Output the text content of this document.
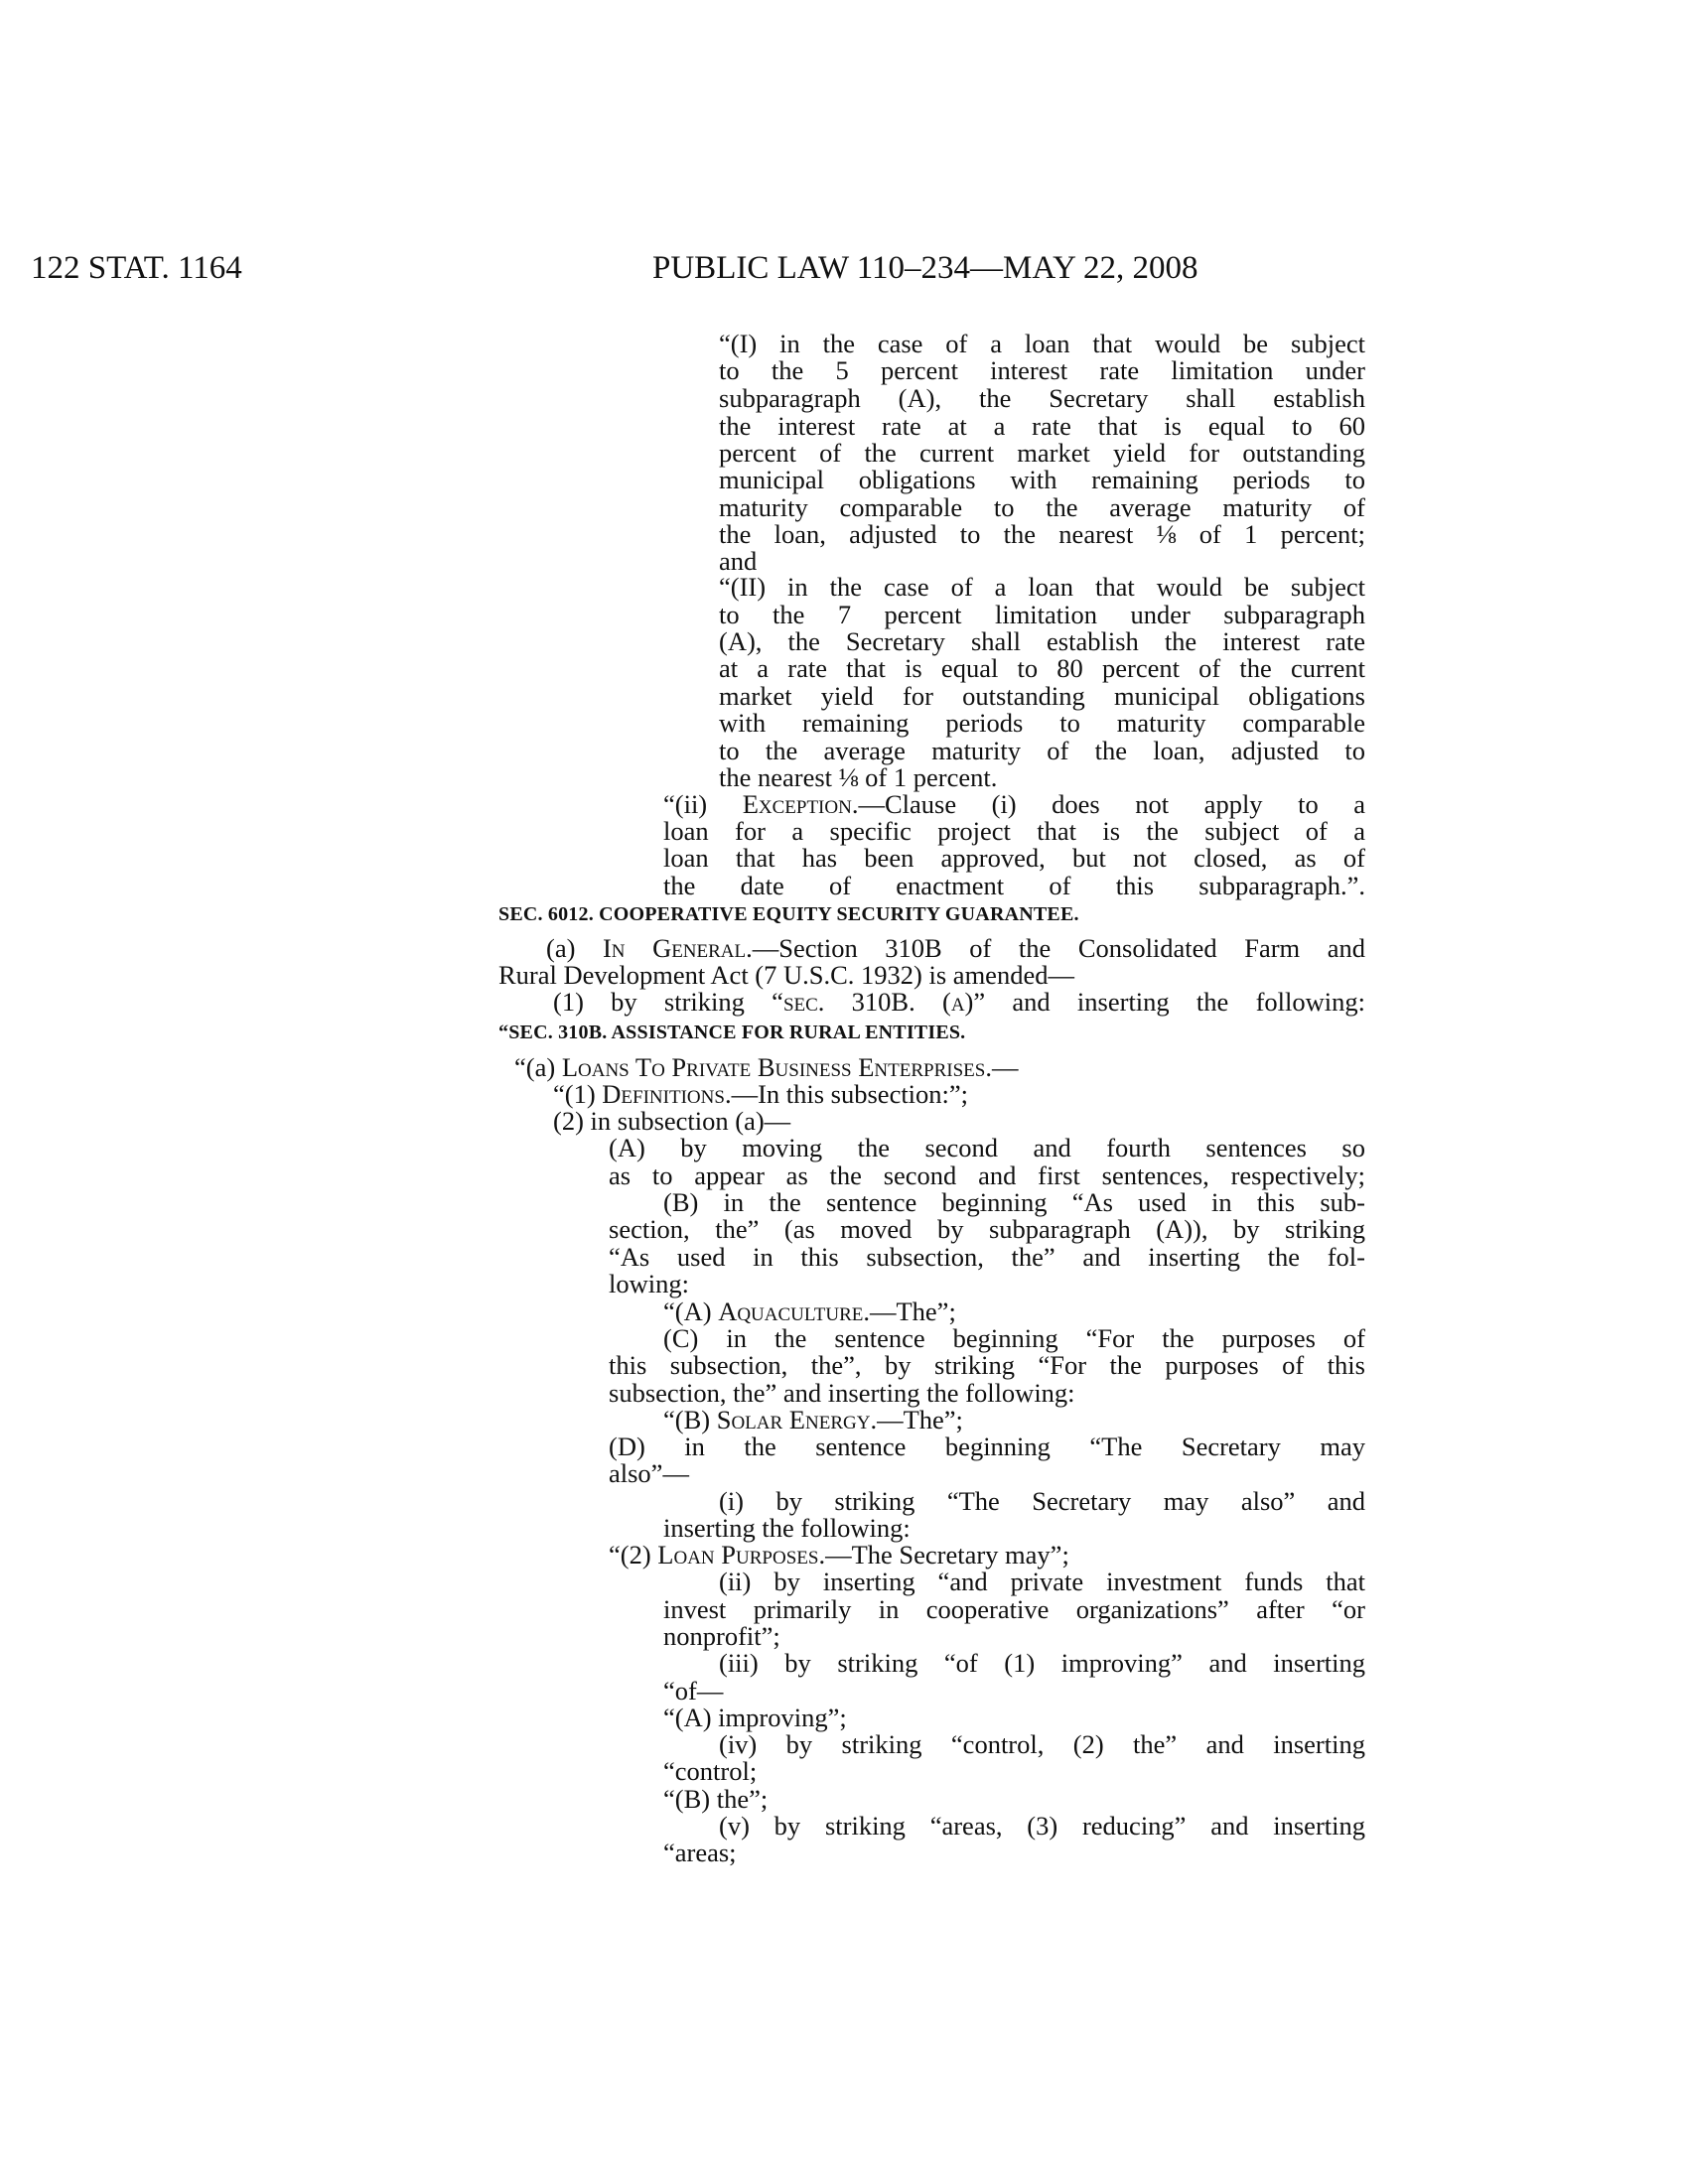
122 STAT. 1164	PUBLIC LAW 110–234—MAY 22, 2008
“(I) in the case of a loan that would be subject
to the 5 percent interest rate limitation under
subparagraph (A), the Secretary shall establish
the interest rate at a rate that is equal to 60
percent of the current market yield for outstanding
municipal obligations with remaining periods to
maturity comparable to the average maturity of
the loan, adjusted to the nearest ⅛ of 1 percent;
and
“(II) in the case of a loan that would be subject
to the 7 percent limitation under subparagraph
(A), the Secretary shall establish the interest rate
at a rate that is equal to 80 percent of the current
market yield for outstanding municipal obligations
with remaining periods to maturity comparable
to the average maturity of the loan, adjusted to
the nearest ⅛ of 1 percent.
“(ii) Exception.—Clause (i) does not apply to a
loan for a specific project that is the subject of a
loan that has been approved, but not closed, as of
the date of enactment of this subparagraph.”.
SEC. 6012. COOPERATIVE EQUITY SECURITY GUARANTEE.
(a) In General.—Section 310B of the Consolidated Farm and
Rural Development Act (7 U.S.C. 1932) is amended—
(1) by striking “sec. 310B. (a)” and inserting the following:
“SEC. 310B. ASSISTANCE FOR RURAL ENTITIES.
“(a) Loans To Private Business Enterprises.—
“(1) Definitions.—In this subsection:”;
(2) in subsection (a)—
(A) by moving the second and fourth sentences so
as to appear as the second and first sentences, respectively;
(B) in the sentence beginning “As used in this sub-
section, the” (as moved by subparagraph (A)), by striking
“As used in this subsection, the” and inserting the fol-
lowing:
“(A) Aquaculture.—The”;
(C) in the sentence beginning “For the purposes of
this subsection, the”, by striking “For the purposes of this
subsection, the” and inserting the following:
“(B) Solar Energy.—The”;
(D) in the sentence beginning “The Secretary may
also”—
(i) by striking “The Secretary may also” and
inserting the following:
“(2) Loan Purposes.—The Secretary may”;
(ii) by inserting “and private investment funds that
invest primarily in cooperative organizations” after “or
nonprofit”;
(iii) by striking “of (1) improving” and inserting
“of—
“(A) improving”;
(iv) by striking “control, (2) the” and inserting
“control;
“(B) the”;
(v) by striking “areas, (3) reducing” and inserting
“areas;
